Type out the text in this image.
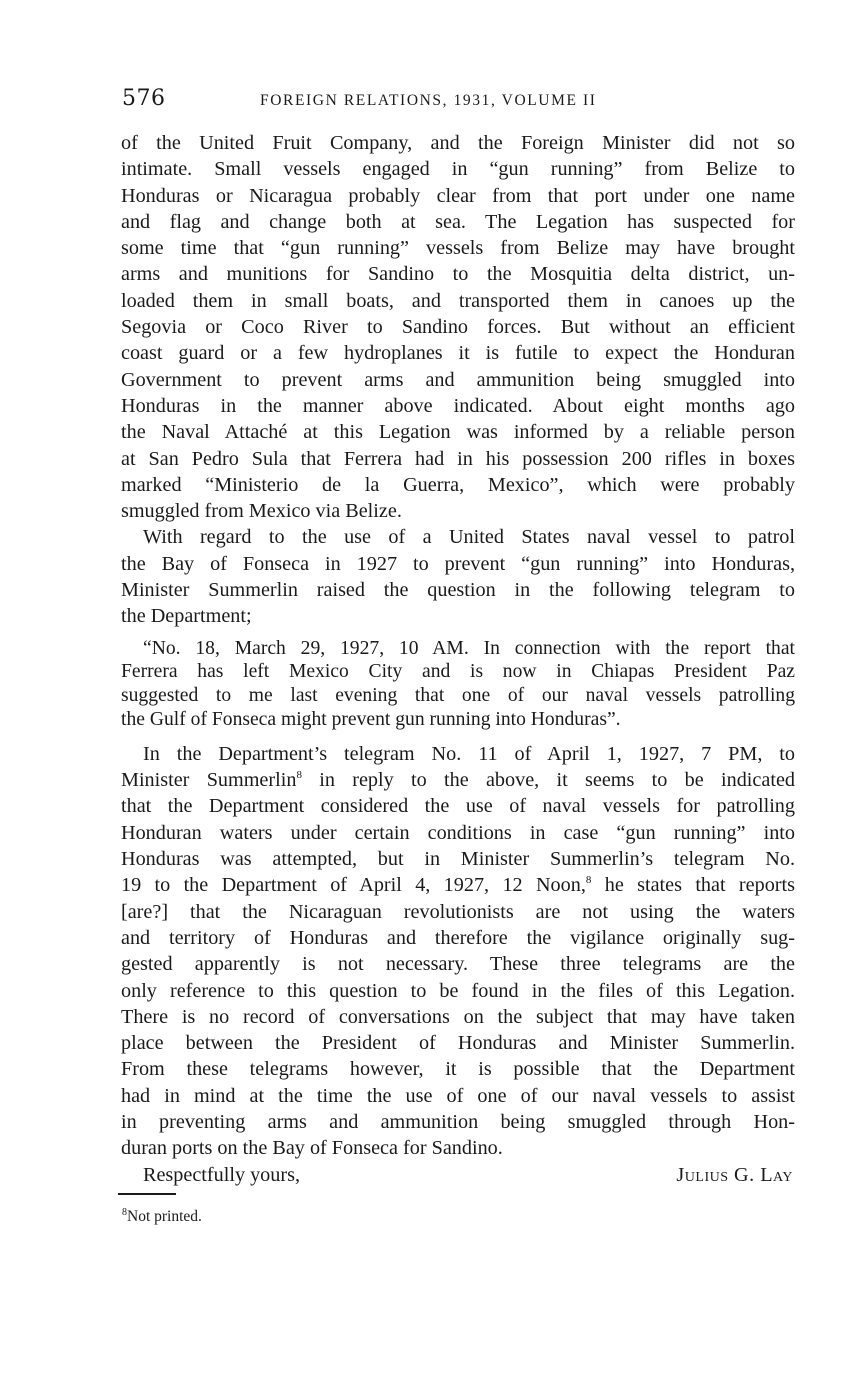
576	FOREIGN RELATIONS, 1931, VOLUME II
of the United Fruit Company, and the Foreign Minister did not so
intimate. Small vessels engaged in “gun running” from Belize to
Honduras or Nicaragua probably clear from that port under one name
and flag and change both at sea. The Legation has suspected for
some time that “gun running” vessels from Belize may have brought
arms and munitions for Sandino to the Mosquitia delta district, un-
loaded them in small boats, and transported them in canoes up the
Segovia or Coco River to Sandino forces. But without an efficient
coast guard or a few hydroplanes it is futile to expect the Honduran
Government to prevent arms and ammunition being smuggled into
Honduras in the manner above indicated. About eight months ago
the Naval Attaché at this Legation was informed by a reliable person
at San Pedro Sula that Ferrera had in his possession 200 rifles in boxes
marked “Ministerio de la Guerra, Mexico”, which were probably
smuggled from Mexico via Belize.
With regard to the use of a United States naval vessel to patrol
the Bay of Fonseca in 1927 to prevent “gun running” into Honduras,
Minister Summerlin raised the question in the following telegram to
the Department;
“No. 18, March 29, 1927, 10 AM. In connection with the report that
Ferrera has left Mexico City and is now in Chiapas President Paz
suggested to me last evening that one of our naval vessels patrolling
the Gulf of Fonseca might prevent gun running into Honduras”.
In the Department’s telegram No. 11 of April 1, 1927, 7 PM, to
Minister Summerlin$^8$ in reply to the above, it seems to be indicated
that the Department considered the use of naval vessels for patrolling
Honduran waters under certain conditions in case “gun running” into
Honduras was attempted, but in Minister Summerlin’s telegram No.
19 to the Department of April 4, 1927, 12 Noon,$^8$ he states that reports
[are?] that the Nicaraguan revolutionists are not using the waters
and territory of Honduras and therefore the vigilance originally sug-
gested apparently is not necessary. These three telegrams are the
only reference to this question to be found in the files of this Legation.
There is no record of conversations on the subject that may have taken
place between the President of Honduras and Minister Summerlin.
From these telegrams however, it is possible that the Department
had in mind at the time the use of one of our naval vessels to assist
in preventing arms and ammunition being smuggled through Hon-
duran ports on the Bay of Fonseca for Sandino.
Respectfully yours,	Julius G. Lay
$^8$Not printed.
